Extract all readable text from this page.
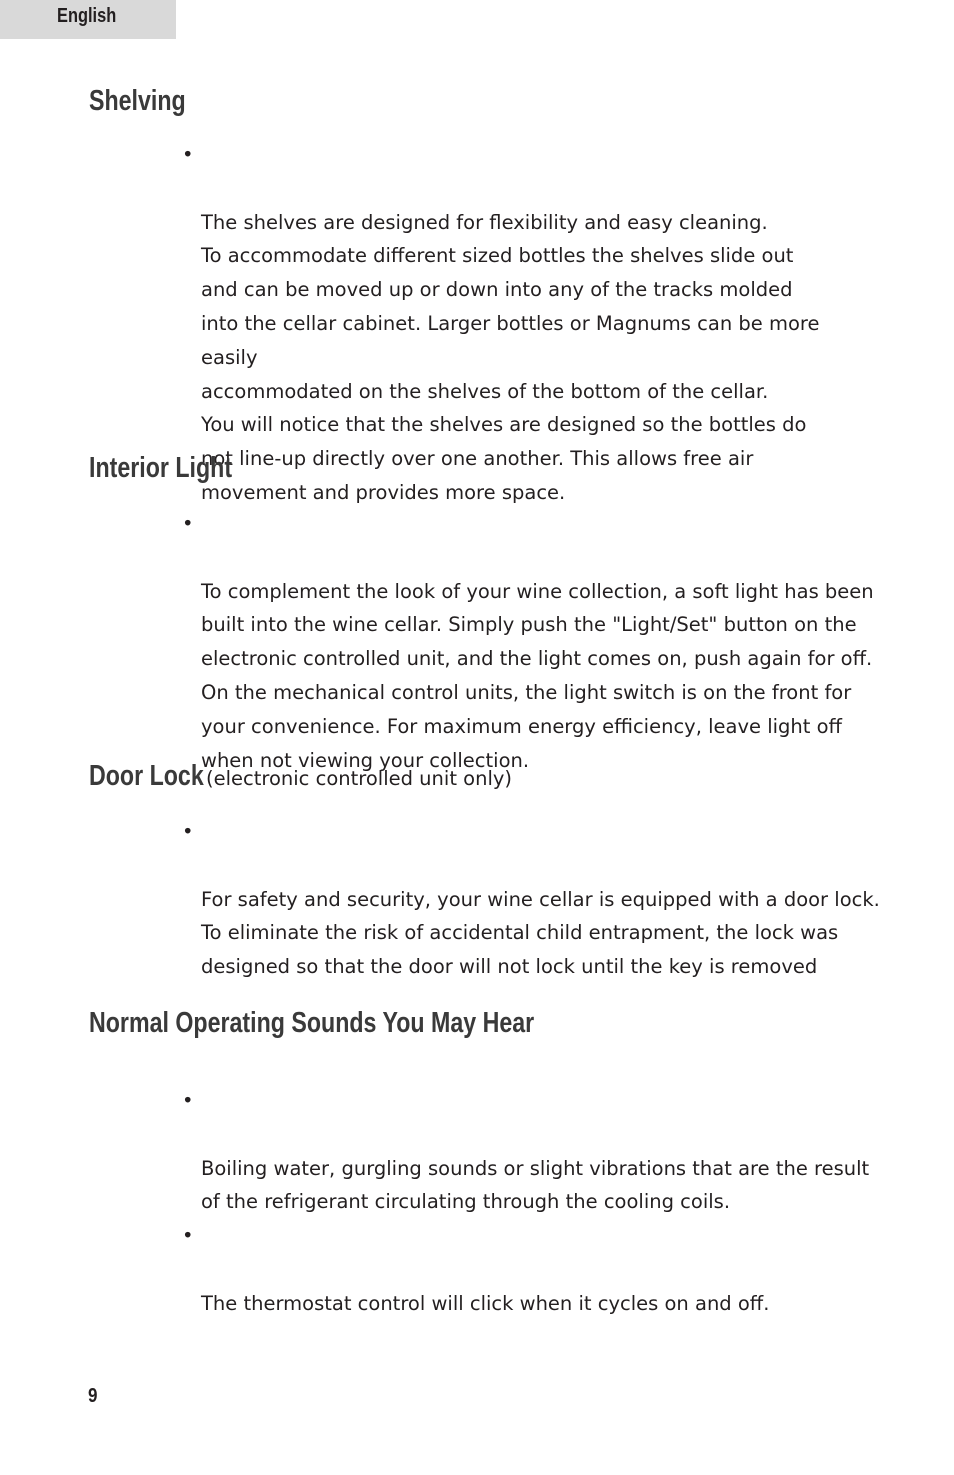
English
Shelving

•

The shelves are designed for flexibility and easy cleaning.
To accommodate different sized bottles the shelves slide out
and can be moved up or down into any of the tracks molded
into the cellar cabinet. Larger bottles or Magnums can be more easily
accommodated on the shelves of the bottom of the cellar.
You will notice that the shelves are designed so the bottles do
not line-up directly over one another. This allows free air
movement and provides more space.

Interior Light

•

To complement the look of your wine collection, a soft light has been
built into the wine cellar. Simply push the "Light/Set" button on the
electronic controlled unit, and the light comes on, push again for off.
On the mechanical control units, the light switch is on the front for
your convenience. For maximum energy efficiency, leave light off
when not viewing your collection.

Door Lock (electronic controlled unit only)

•

For safety and security, your wine cellar is equipped with a door lock.
To eliminate the risk of accidental child entrapment, the lock was
designed so that the door will not lock until the key is removed

Normal Operating Sounds You May Hear

•

Boiling water, gurgling sounds or slight vibrations that are the result
of the refrigerant circulating through the cooling coils.

•

The thermostat control will click when it cycles on and off.

9
